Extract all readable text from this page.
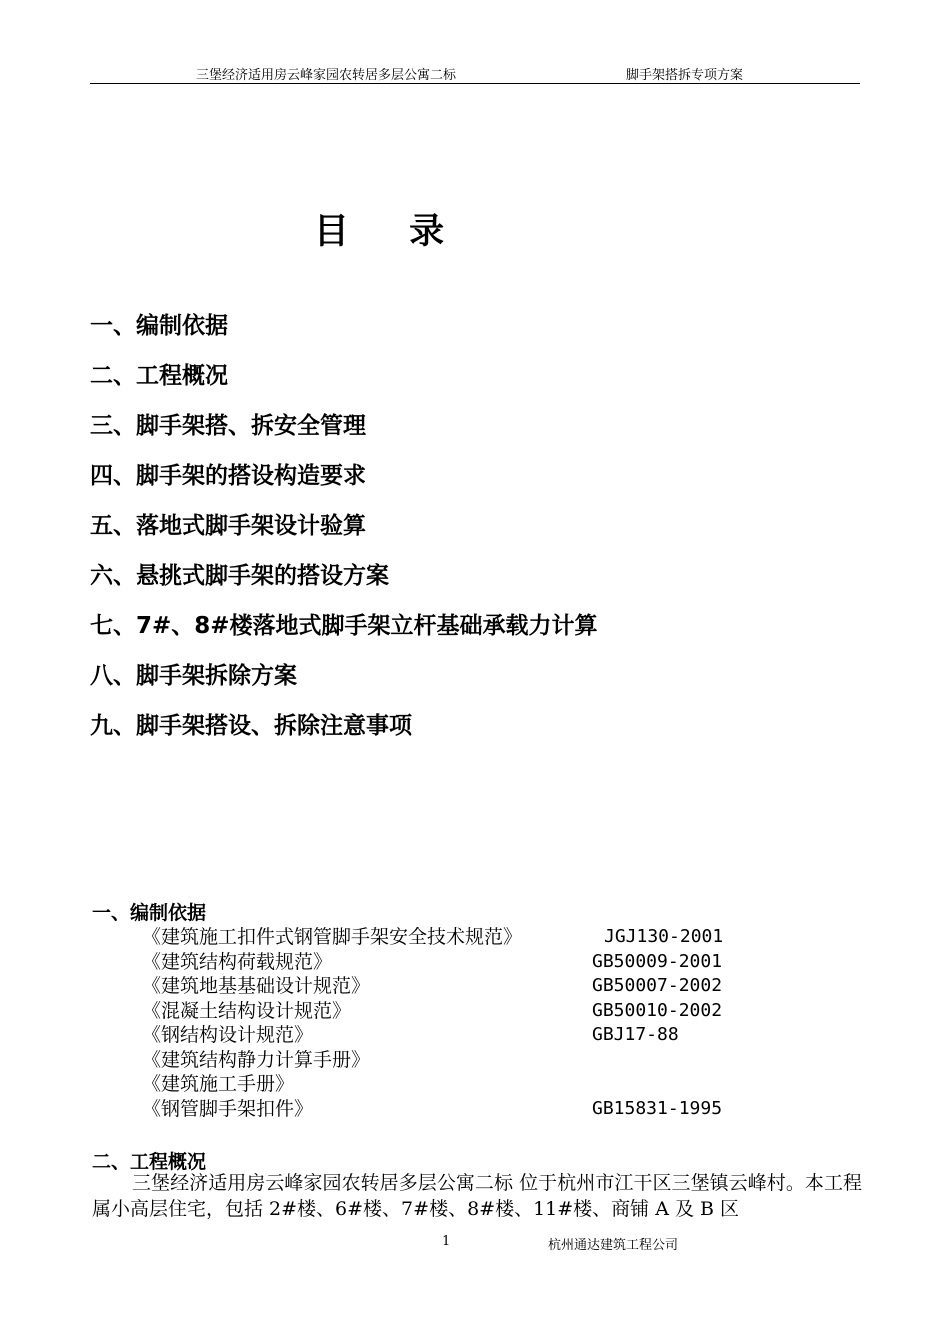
三堡经济适用房云峰家园农转居多层公寓二标	脚手架搭拆专项方案
目 录
一、编制依据
二、工程概况
三、脚手架搭、拆安全管理
四、脚手架的搭设构造要求
五、落地式脚手架设计验算
六、悬挑式脚手架的搭设方案
七、7#、8#楼落地式脚手架立杆基础承载力计算
八、脚手架拆除方案
九、脚手架搭设、拆除注意事项
一、编制依据
《建筑施工扣件式钢管脚手架安全技术规范》	JGJ130-2001
《建筑结构荷载规范》	GB50009-2001
《建筑地基基础设计规范》	GB50007-2002
《混凝土结构设计规范》	GB50010-2002
《钢结构设计规范》	GBJ17-88
《建筑结构静力计算手册》
《建筑施工手册》
《钢管脚手架扣件》	GB15831-1995
二、工程概况
三堡经济适用房云峰家园农转居多层公寓二标 位于杭州市江干区三堡镇云峰村。本工程属小高层住宅，包括 2#楼、6#楼、7#楼、8#楼、11#楼、商铺 A 及 B 区
1	杭州通达建筑工程公司
